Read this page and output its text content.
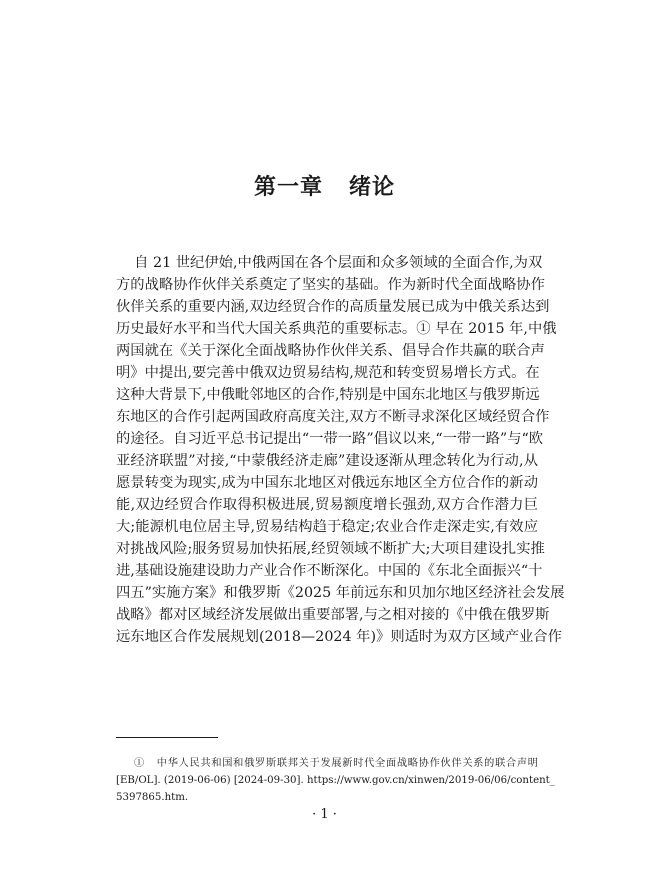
第一章   绪论
自 21 世纪伊始,中俄两国在各个层面和众多领域的全面合作,为双
方的战略协作伙伴关系奠定了坚实的基础。作为新时代全面战略协作
伙伴关系的重要内涵,双边经贸合作的高质量发展已成为中俄关系达到
历史最好水平和当代大国关系典范的重要标志。① 早在 2015 年,中俄
两国就在《关于深化全面战略协作伙伴关系、倡导合作共赢的联合声
明》中提出,要完善中俄双边贸易结构,规范和转变贸易增长方式。在
这种大背景下,中俄毗邻地区的合作,特别是中国东北地区与俄罗斯远
东地区的合作引起两国政府高度关注,双方不断寻求深化区域经贸合作
的途径。自习近平总书记提出“一带一路”倡议以来,“一带一路”与“欧
亚经济联盟”对接,“中蒙俄经济走廊”建设逐渐从理念转化为行动,从
愿景转变为现实,成为中国东北地区对俄远东地区全方位合作的新动
能,双边经贸合作取得积极进展,贸易额度增长强劲,双方合作潜力巨
大;能源机电位居主导,贸易结构趋于稳定;农业合作走深走实,有效应
对挑战风险;服务贸易加快拓展,经贸领域不断扩大;大项目建设扎实推
进,基础设施建设助力产业合作不断深化。中国的《东北全面振兴“十
四五”实施方案》和俄罗斯《2025 年前远东和贝加尔地区经济社会发展
战略》都对区域经济发展做出重要部署,与之相对接的《中俄在俄罗斯
远东地区合作发展规划(2018—2024 年)》则适时为双方区域产业合作
①   中华人民共和国和俄罗斯联邦关于发展新时代全面战略协作伙伴关系的联合声明
[EB/OL]. (2019-06-06) [2024-09-30]. https://www.gov.cn/xinwen/2019-06/06/content_
5397865.htm.
· 1 ·
